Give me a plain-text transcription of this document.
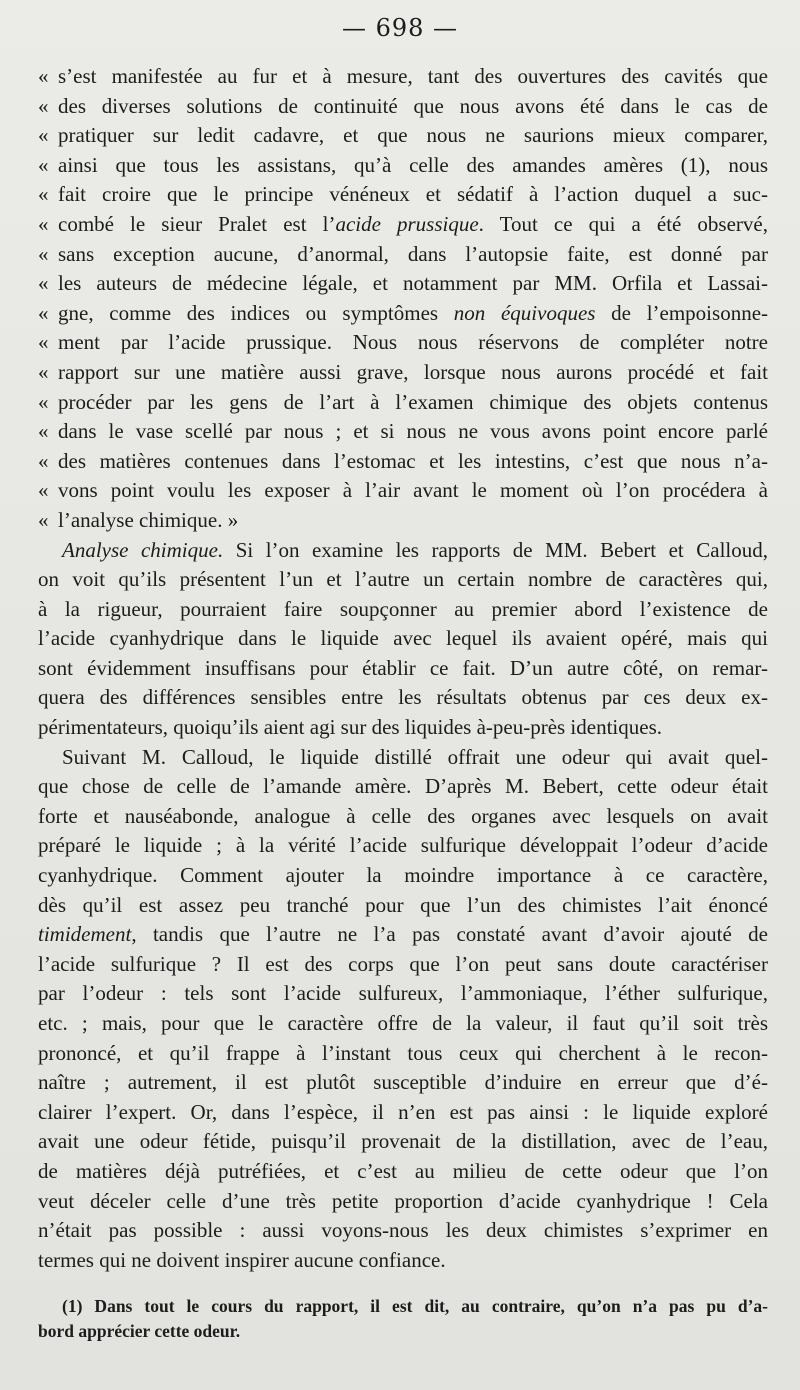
— 698 —
« s’est manifestée au fur et à mesure, tant des ouvertures des cavités que
« des diverses solutions de continuité que nous avons été dans le cas de
« pratiquer sur ledit cadavre, et que nous ne saurions mieux comparer,
« ainsi que tous les assistans, qu’à celle des amandes amères (1), nous
« fait croire que le principe vénéneux et sédatif à l’action duquel a suc-
« combé le sieur Pralet est l’acide prussique. Tout ce qui a été observé,
« sans exception aucune, d’anormal, dans l’autopsie faite, est donné par
« les auteurs de médecine légale, et notamment par MM. Orfila et Lassai-
« gne, comme des indices ou symptômes non équivoques de l’empoisonne-
« ment par l’acide prussique. Nous nous réservons de compléter notre
« rapport sur une matière aussi grave, lorsque nous aurons procédé et fait
« procéder par les gens de l’art à l’examen chimique des objets contenus
« dans le vase scellé par nous ; et si nous ne vous avons point encore parlé
« des matières contenues dans l’estomac et les intestins, c’est que nous n’a-
« vons point voulu les exposer à l’air avant le moment où l’on procédera à
« l’analyse chimique. »
Analyse chimique. Si l’on examine les rapports de MM. Bebert et Calloud,
on voit qu’ils présentent l’un et l’autre un certain nombre de caractères qui,
à la rigueur, pourraient faire soupçonner au premier abord l’existence de
l’acide cyanhydrique dans le liquide avec lequel ils avaient opéré, mais qui
sont évidemment insuffisans pour établir ce fait. D’un autre côté, on remar-
quera des différences sensibles entre les résultats obtenus par ces deux ex-
périmentateurs, quoiqu’ils aient agi sur des liquides à-peu-près identiques.
Suivant M. Calloud, le liquide distillé offrait une odeur qui avait quel-
que chose de celle de l’amande amère. D’après M. Bebert, cette odeur était
forte et nauséabonde, analogue à celle des organes avec lesquels on avait
préparé le liquide ; à la vérité l’acide sulfurique développait l’odeur d’acide
cyanhydrique. Comment ajouter la moindre importance à ce caractère,
dès qu’il est assez peu tranché pour que l’un des chimistes l’ait énoncé
timidement, tandis que l’autre ne l’a pas constaté avant d’avoir ajouté de
l’acide sulfurique ? Il est des corps que l’on peut sans doute caractériser
par l’odeur : tels sont l’acide sulfureux, l’ammoniaque, l’éther sulfurique,
etc. ; mais, pour que le caractère offre de la valeur, il faut qu’il soit très
prononcé, et qu’il frappe à l’instant tous ceux qui cherchent à le recon-
naître ; autrement, il est plutôt susceptible d’induire en erreur que d’é-
clairer l’expert. Or, dans l’espèce, il n’en est pas ainsi : le liquide exploré
avait une odeur fétide, puisqu’il provenait de la distillation, avec de l’eau,
de matières déjà putréfiées, et c’est au milieu de cette odeur que l’on
veut déceler celle d’une très petite proportion d’acide cyanhydrique ! Cela
n’était pas possible : aussi voyons-nous les deux chimistes s’exprimer en
termes qui ne doivent inspirer aucune confiance.
(1) Dans tout le cours du rapport, il est dit, au contraire, qu’on n’a pas pu d’a-
bord apprécier cette odeur.
